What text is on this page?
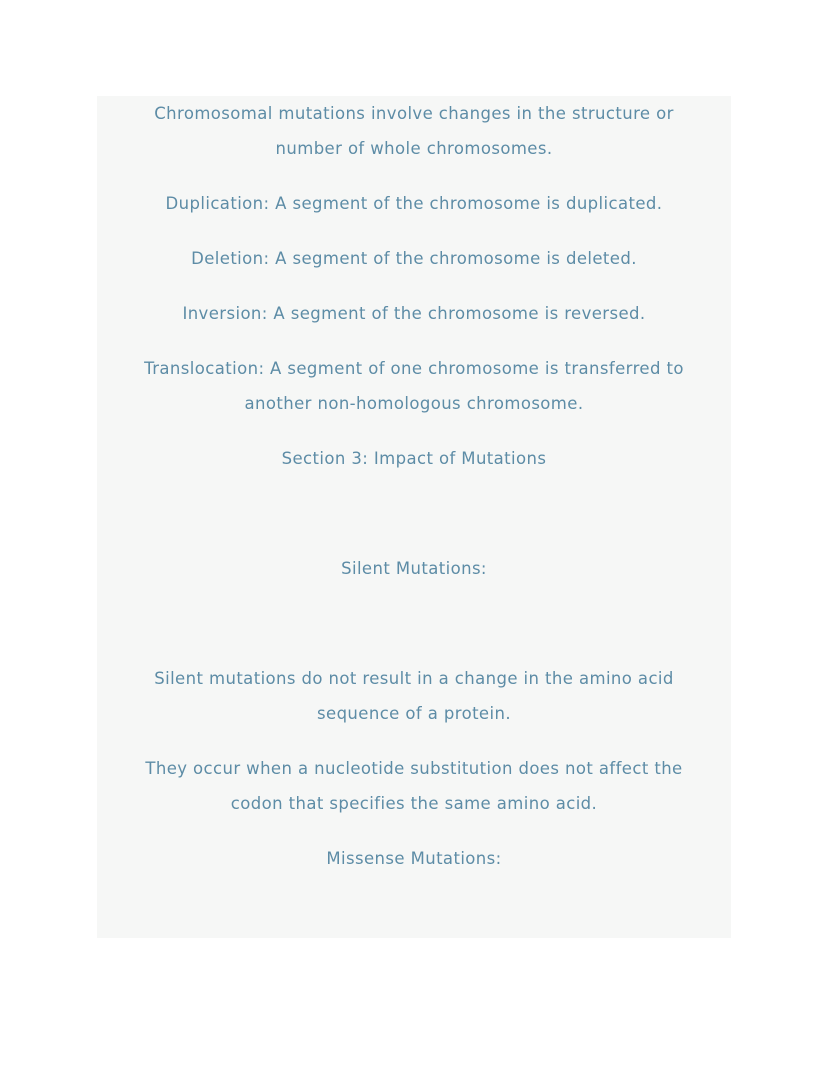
Chromosomal mutations involve changes in the structure or
number of whole chromosomes.

Duplication: A segment of the chromosome is duplicated.

Deletion: A segment of the chromosome is deleted.

Inversion: A segment of the chromosome is reversed.

Translocation: A segment of one chromosome is transferred to
another non-homologous chromosome.

Section 3: Impact of Mutations

Silent Mutations:

Silent mutations do not result in a change in the amino acid
sequence of a protein.

They occur when a nucleotide substitution does not affect the
codon that specifies the same amino acid.

Missense Mutations:
